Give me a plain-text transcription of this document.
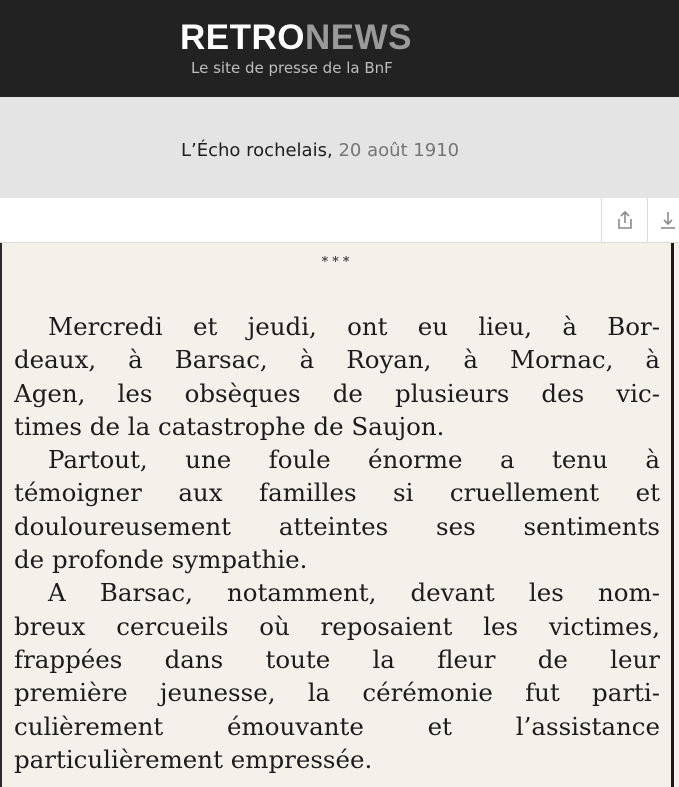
RETRONEWS
Le site de presse de la BnF
L’Écho rochelais, 20 août 1910
* * *
Mercredi et jeudi, ont eu lieu, à Bor-
deaux, à Barsac, à Royan, à Mornac, à
Agen, les obsèques de plusieurs des vic-
times de la catastrophe de Saujon.
Partout, une foule énorme a tenu à
témoigner aux familles si cruellement et
douloureusement atteintes ses sentiments
de profonde sympathie.
A Barsac, notamment, devant les nom-
breux cercueils où reposaient les victimes,
frappées dans toute la fleur de leur
première jeunesse, la cérémonie fut parti-
culièrement émouvante et l’assistance
particulièrement empressée.
